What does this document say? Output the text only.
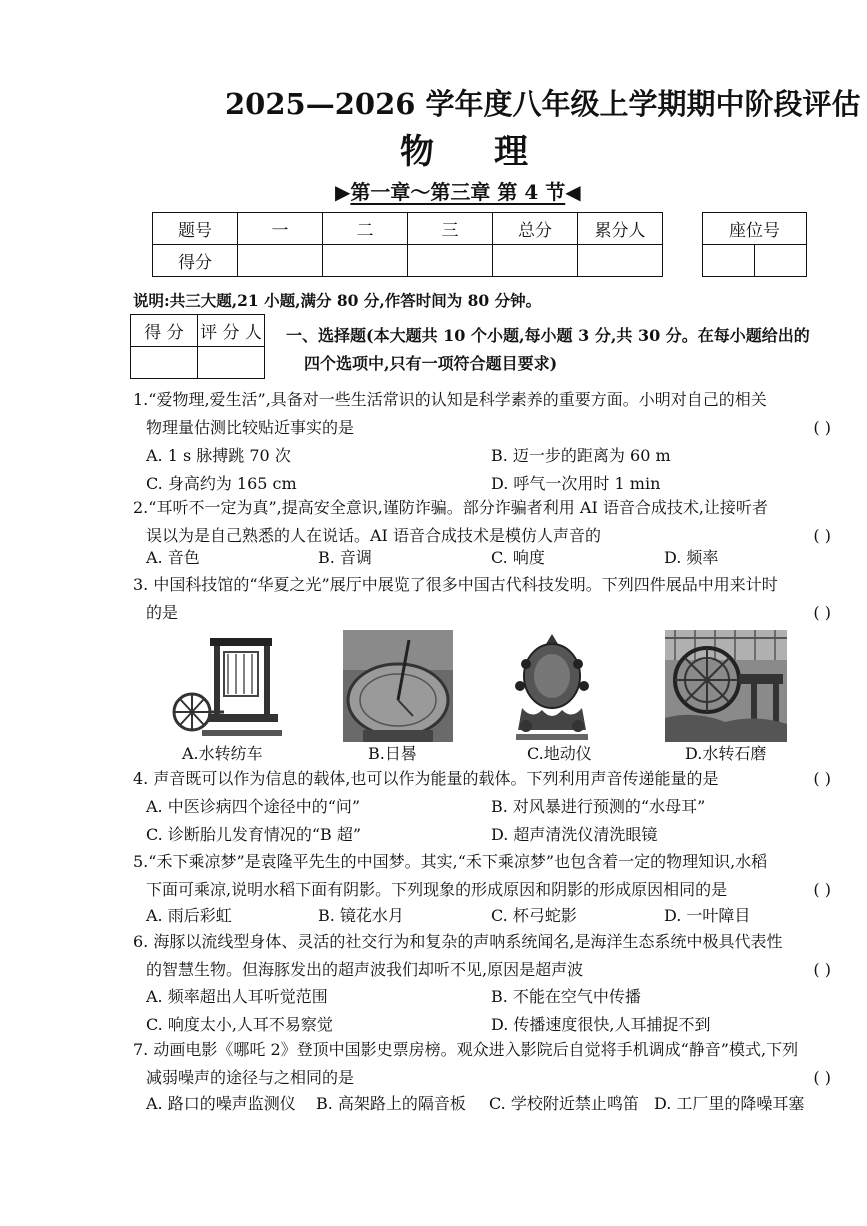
2025—2026 学年度八年级上学期期中阶段评估
物理
▶第一章～第三章 第 4 节◀
题号	一	二	三	总分	累分人
得分					
座位号

说明:共三大题,21 小题,满分 80 分,作答时间为 80 分钟。
得 分	评 分 人
	一、选择题(本大题共 10 个小题,每小题 3 分,共 30 分。在每小题给出的
四个选项中,只有一项符合题目要求)
1.“爱物理,爱生活”,具备对一些生活常识的认知是科学素养的重要方面。小明对自己的相关
物理量估测比较贴近事实的是	( )
A. 1 s 脉搏跳 70 次	B. 迈一步的距离为 60 m
C. 身高约为 165 cm	D. 呼气一次用时 1 min
2.“耳听不一定为真”,提高安全意识,谨防诈骗。部分诈骗者利用 AI 语音合成技术,让接听者
误以为是自己熟悉的人在说话。AI 语音合成技术是模仿人声音的	( )
A. 音色	B. 音调	C. 响度	D. 频率
3. 中国科技馆的“华夏之光”展厅中展览了很多中国古代科技发明。下列四件展品中用来计时
的是	( )
A.水转纺车	B.日晷	C.地动仪	D.水转石磨
4. 声音既可以作为信息的载体,也可以作为能量的载体。下列利用声音传递能量的是	( )
A. 中医诊病四个途径中的“问”	B. 对风暴进行预测的“水母耳”
C. 诊断胎儿发育情况的“B 超”	D. 超声清洗仪清洗眼镜
5.“禾下乘凉梦”是袁隆平先生的中国梦。其实,“禾下乘凉梦”也包含着一定的物理知识,水稻
下面可乘凉,说明水稻下面有阴影。下列现象的形成原因和阴影的形成原因相同的是	( )
A. 雨后彩虹	B. 镜花水月	C. 杯弓蛇影	D. 一叶障目
6. 海豚以流线型身体、灵活的社交行为和复杂的声呐系统闻名,是海洋生态系统中极具代表性
的智慧生物。但海豚发出的超声波我们却听不见,原因是超声波	( )
A. 频率超出人耳听觉范围	B. 不能在空气中传播
C. 响度太小,人耳不易察觉	D. 传播速度很快,人耳捕捉不到
7. 动画电影《哪吒 2》登顶中国影史票房榜。观众进入影院后自觉将手机调成“静音”模式,下列
减弱噪声的途径与之相同的是	( )
A. 路口的噪声监测仪 B. 高架路上的隔音板 C. 学校附近禁止鸣笛 D. 工厂里的降噪耳塞
